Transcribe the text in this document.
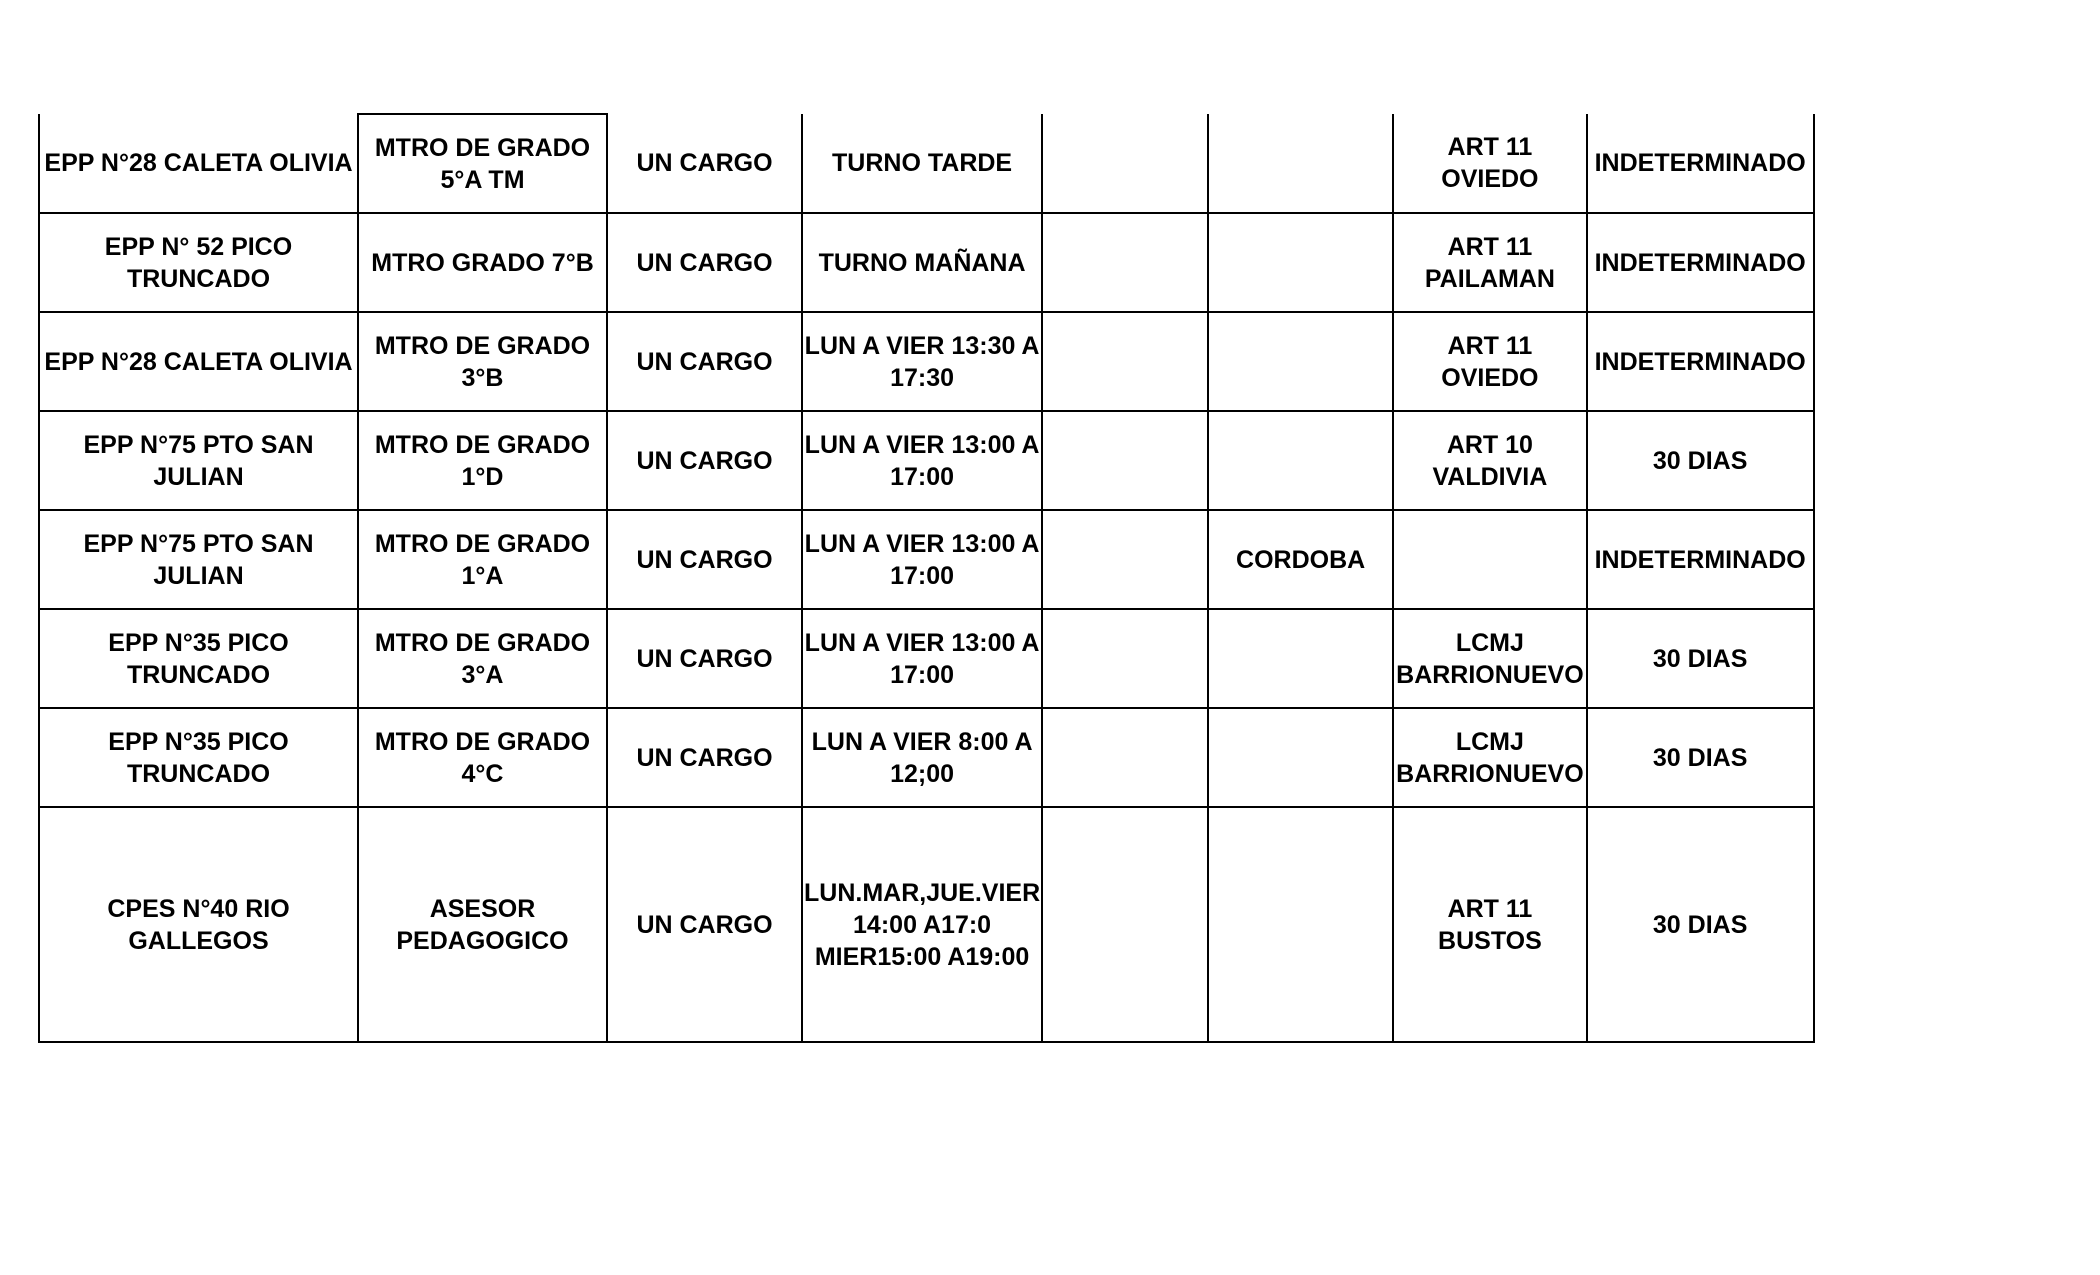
EPP N°28 CALETA OLIVIA	MTRO DE GRADO 5°A TM	UN CARGO	TURNO TARDE			ART 11 OVIEDO	INDETERMINADO
EPP N° 52 PICO TRUNCADO	MTRO GRADO 7°B	UN CARGO	TURNO MAÑANA			ART 11 PAILAMAN	INDETERMINADO
EPP N°28 CALETA OLIVIA	MTRO DE GRADO 3°B	UN CARGO	LUN A VIER 13:30 A 17:30			ART 11 OVIEDO	INDETERMINADO
EPP N°75 PTO SAN JULIAN	MTRO DE GRADO 1°D	UN CARGO	LUN A VIER 13:00 A 17:00			ART 10 VALDIVIA	30 DIAS
EPP N°75 PTO SAN JULIAN	MTRO DE GRADO 1°A	UN CARGO	LUN A VIER 13:00 A 17:00		CORDOBA		INDETERMINADO
EPP N°35 PICO TRUNCADO	MTRO DE GRADO 3°A	UN CARGO	LUN A VIER 13:00 A 17:00			LCMJ BARRIONUEVO	30 DIAS
EPP N°35 PICO TRUNCADO	MTRO DE GRADO 4°C	UN CARGO	LUN A VIER 8:00 A 12;00			LCMJ BARRIONUEVO	30 DIAS
CPES N°40 RIO GALLEGOS	ASESOR PEDAGOGICO	UN CARGO	LUN.MAR,JUE.VIER 14:00 A17:0 MIER15:00 A19:00			ART 11 BUSTOS	30 DIAS
